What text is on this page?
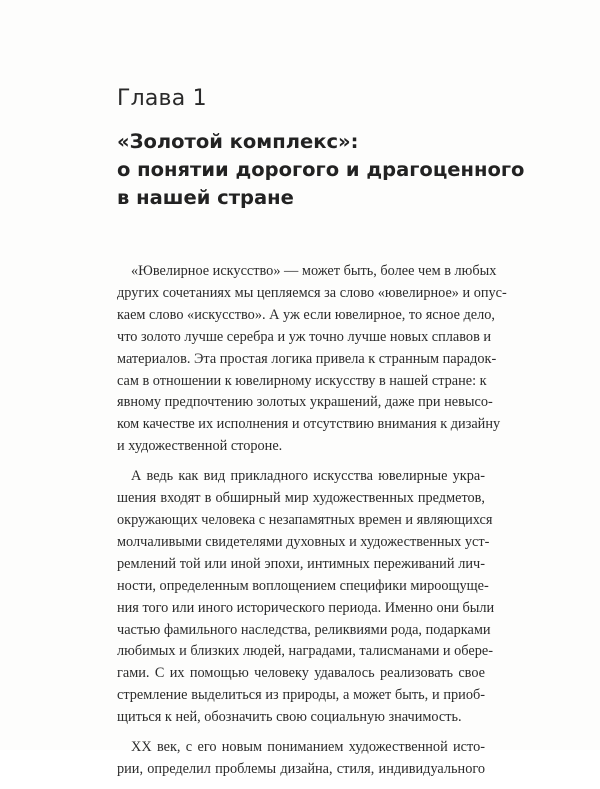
Глава 1
«Золотой комплекс»:
о понятии дорогого и драгоценного
в нашей стране

«Ювелирное искусство» — может быть, более чем в любых
других сочетаниях мы цепляемся за слово «ювелирное» и опус-
каем слово «искусство». А уж если ювелирное, то ясное дело,
что золото лучше серебра и уж точно лучше новых сплавов и
материалов. Эта простая логика привела к странным парадок-
сам в отношении к ювелирному искусству в нашей стране: к
явному предпочтению золотых украшений, даже при невысо-
ком качестве их исполнения и отсутствию внимания к дизайну
и художественной стороне.

А ведь как вид прикладного искусства ювелирные укра-
шения входят в обширный мир художественных предметов,
окружающих человека с незапамятных времен и являющихся
молчаливыми свидетелями духовных и художественных уст-
ремлений той или иной эпохи, интимных переживаний лич-
ности, определенным воплощением специфики мироощуще-
ния того или иного исторического периода. Именно они были
частью фамильного наследства, реликвиями рода, подарками
любимых и близких людей, наградами, талисманами и обере-
гами. С их помощью человеку удавалось реализовать свое
стремление выделиться из природы, а может быть, и приоб-
щиться к ней, обозначить свою социальную значимость.

XX век, с его новым пониманием художественной исто-
рии, определил проблемы дизайна, стиля, индивидуального
